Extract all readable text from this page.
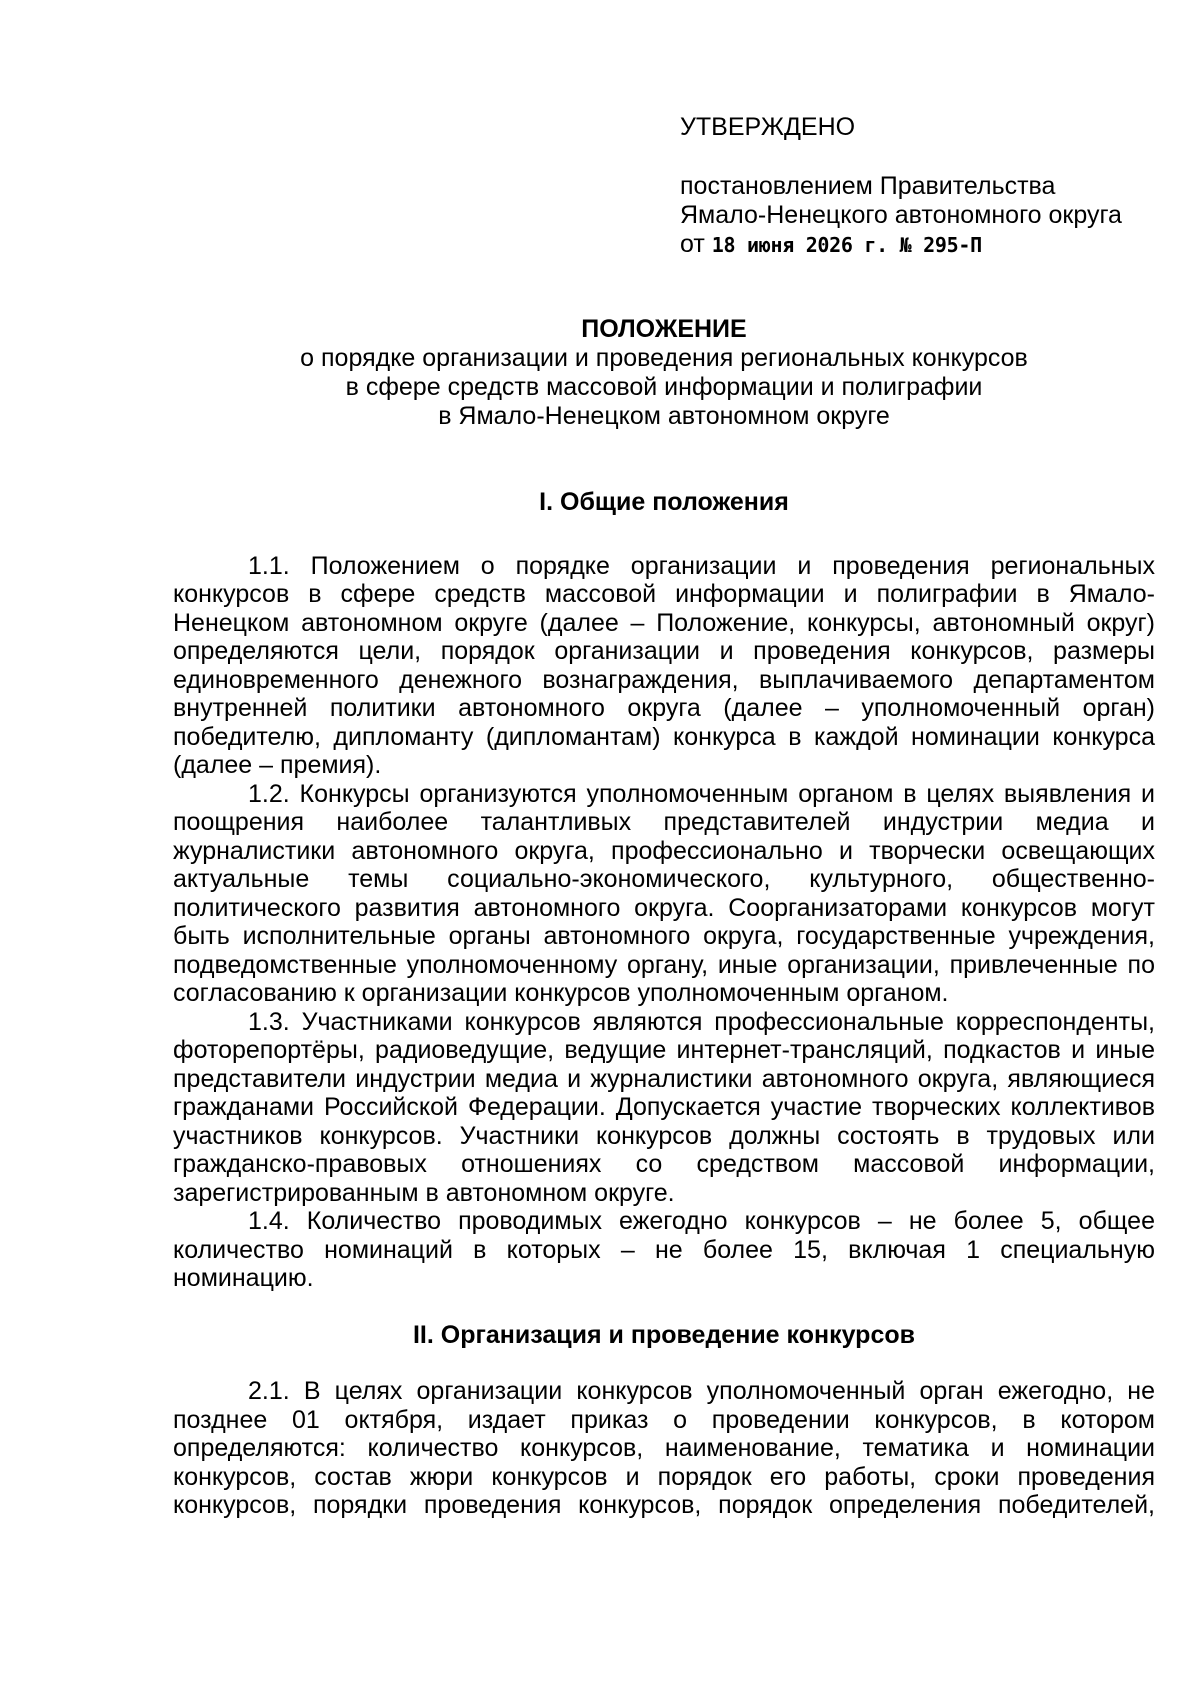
УТВЕРЖДЕНО
постановлением Правительства
Ямало-Ненецкого автономного округа
от 18 июня 2026 г. № 295-П
ПОЛОЖЕНИЕ
о порядке организации и проведения региональных конкурсов
в сфере средств массовой информации и полиграфии
в Ямало-Ненецком автономном округе

I. Общие положения

1.1. Положением о порядке организации и проведения региональных конкурсов в сфере средств массовой информации и полиграфии в Ямало-Ненецком автономном округе (далее – Положение, конкурсы, автономный округ) определяются цели, порядок организации и проведения конкурсов, размеры единовременного денежного вознаграждения, выплачиваемого департаментом внутренней политики автономного округа (далее – уполномоченный орган) победителю, дипломанту (дипломантам) конкурса в каждой номинации конкурса (далее – премия).

1.2. Конкурсы организуются уполномоченным органом в целях выявления и поощрения наиболее талантливых представителей индустрии медиа и журналистики автономного округа, профессионально и творчески освещающих актуальные темы социально-экономического, культурного, общественно-политического развития автономного округа. Соорганизаторами конкурсов могут быть исполнительные органы автономного округа, государственные учреждения, подведомственные уполномоченному органу, иные организации, привлеченные по согласованию к организации конкурсов уполномоченным органом.

1.3. Участниками конкурсов являются профессиональные корреспонденты, фоторепортёры, радиоведущие, ведущие интернет-трансляций, подкастов и иные представители индустрии медиа и журналистики автономного округа, являющиеся гражданами Российской Федерации. Допускается участие творческих коллективов участников конкурсов. Участники конкурсов должны состоять в трудовых или гражданско-правовых отношениях со средством массовой информации, зарегистрированным в автономном округе.

1.4. Количество проводимых ежегодно конкурсов – не более 5, общее количество номинаций в которых – не более 15, включая 1 специальную номинацию.

II. Организация и проведение конкурсов

2.1. В целях организации конкурсов уполномоченный орган ежегодно, не позднее 01 октября, издает приказ о проведении конкурсов, в котором определяются: количество конкурсов, наименование, тематика и номинации конкурсов, состав жюри конкурсов и порядок его работы, сроки проведения конкурсов, порядки проведения конкурсов, порядок определения победителей,
